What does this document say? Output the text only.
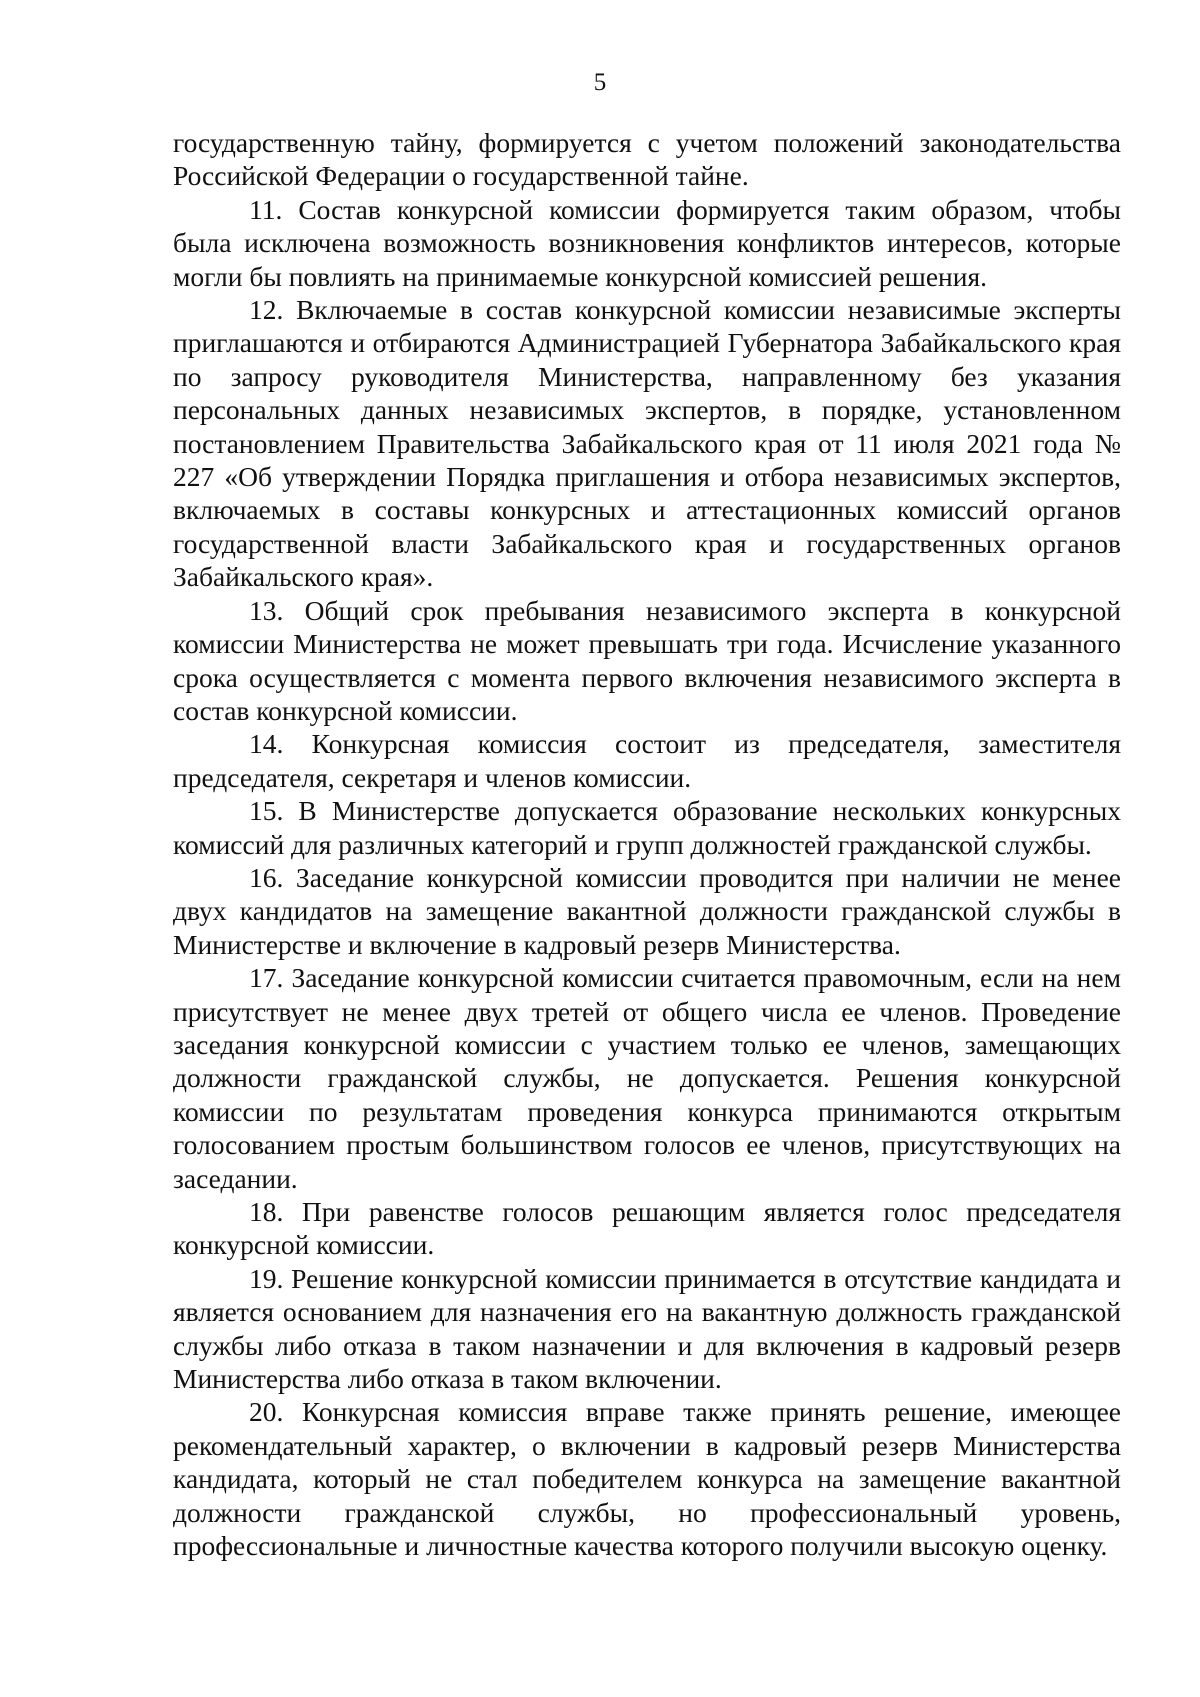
5

государственную тайну, формируется с учетом положений законодательства Российской Федерации о государственной тайне.

11. Состав конкурсной комиссии формируется таким образом, чтобы была исключена возможность возникновения конфликтов интересов, которые могли бы повлиять на принимаемые конкурсной комиссией решения.

12. Включаемые в состав конкурсной комиссии независимые эксперты приглашаются и отбираются Администрацией Губернатора Забайкальского края по запросу руководителя Министерства, направленному без указания персональных данных независимых экспертов, в порядке, установленном постановлением Правительства Забайкальского края от 11 июля 2021 года № 227 «Об утверждении Порядка приглашения и отбора независимых экспертов, включаемых в составы конкурсных и аттестационных комиссий органов государственной власти Забайкальского края и государственных органов Забайкальского края».

13. Общий срок пребывания независимого эксперта в конкурсной комиссии Министерства не может превышать три года. Исчисление указанного срока осуществляется с момента первого включения независимого эксперта в состав конкурсной комиссии.

14. Конкурсная комиссия состоит из председателя, заместителя председателя, секретаря и членов комиссии.

15. В Министерстве допускается образование нескольких конкурсных комиссий для различных категорий и групп должностей гражданской службы.

16. Заседание конкурсной комиссии проводится при наличии не менее двух кандидатов на замещение вакантной должности гражданской службы в Министерстве и включение в кадровый резерв Министерства.

17. Заседание конкурсной комиссии считается правомочным, если на нем присутствует не менее двух третей от общего числа ее членов. Проведение заседания конкурсной комиссии с участием только ее членов, замещающих должности гражданской службы, не допускается. Решения конкурсной комиссии по результатам проведения конкурса принимаются открытым голосованием простым большинством голосов ее членов, присутствующих на заседании.

18. При равенстве голосов решающим является голос председателя конкурсной комиссии.

19. Решение конкурсной комиссии принимается в отсутствие кандидата и является основанием для назначения его на вакантную должность гражданской службы либо отказа в таком назначении и для включения в кадровый резерв Министерства либо отказа в таком включении.

20. Конкурсная комиссия вправе также принять решение, имеющее рекомендательный характер, о включении в кадровый резерв Министерства кандидата, который не стал победителем конкурса на замещение вакантной должности гражданской службы, но профессиональный уровень, профессиональные и личностные качества которого получили высокую оценку.
